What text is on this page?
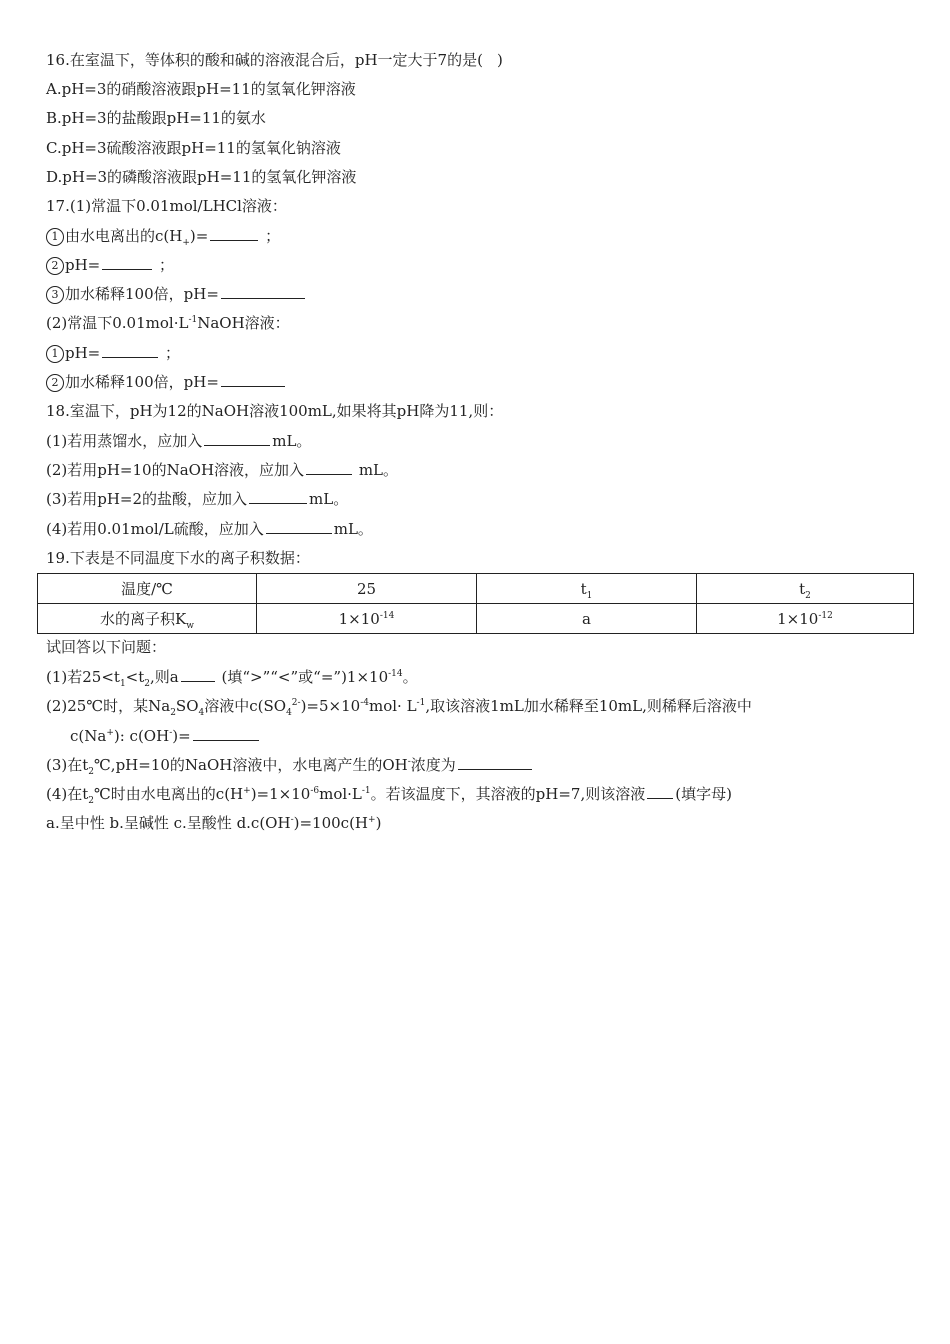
16.在室温下，等体积的酸和碱的溶液混合后，pH一定大于7的是( )
A.pH=3的硝酸溶液跟pH=11的氢氧化钾溶液
B.pH=3的盐酸跟pH=11的氨水
C.pH=3硫酸溶液跟pH=11的氢氧化钠溶液
D.pH=3的磷酸溶液跟pH=11的氢氧化钾溶液
17.(1)常温下0.01mol/LHCl溶液：
1 由水电离出的$c(H_+)=$	；
2 pH=	；
3 加水稀释100倍，pH=
(2)常温下$0.01mol\cdot L^{-1}NaOH$溶液：
1 pH=	；
2 加水稀释100倍，pH=
18.室温下，pH为12的NaOH溶液100mL,如果将其pH降为11,则：
(1)若用蒸馏水，应加入	mL。
(2)若用pH=10的NaOH溶液，应加入	mL。
(3)若用pH=2的盐酸，应加入	mL。
(4)若用0.01mol/L硫酸，应加入	mL。
19.下表是不同温度下水的离子积数据：
温度/℃	25	$t_1$	$t_2$
水的离子积$K_w$	$1\times 10^{-14}$	a	$1\times 10^{-12}$
试回答以下问题：
(1)若$25<t_1<t_2$,则a	(填“>”“<”或“$=”)1\times 10^{-14}$。
(2)25℃时，某$Na_2SO_4$溶液中$c(SO_4^{2-})=5\times 10^{-4}mol\cdot L^{-1}$,取该溶液1mL加水稀释至10mL,则稀释后溶液中
c(Na+): c(OH-)=
(3)在$t_2℃,pH=10$的NaOH溶液中，水电离产生的OH-浓度为
(4)在$t_2℃$时由水电离出的$c(H^+)=1\times 10^{-6}mol\cdot L^{-1}$。若该温度下，其溶液的pH=7,则该溶液 (填字母)
a.呈中性 b.呈碱性 c.呈酸性 d.c(OH-)=100c(H+)
